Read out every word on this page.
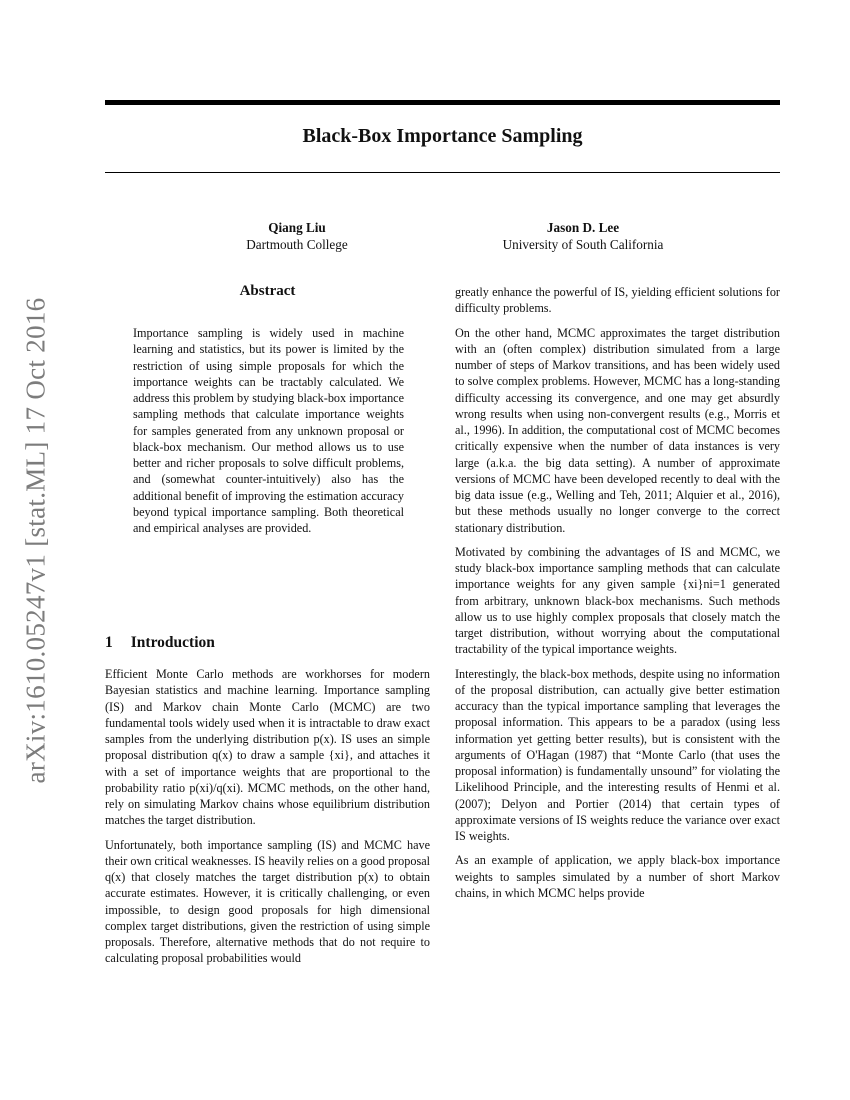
Black-Box Importance Sampling
Qiang Liu
Dartmouth College
Jason D. Lee
University of South California
arXiv:1610.05247v1 [stat.ML] 17 Oct 2016
Abstract

Importance sampling is widely used in machine learning and statistics, but its power is limited by the restriction of using simple proposals for which the importance weights can be tractably calculated. We address this problem by studying black-box importance sampling methods that calculate importance weights for samples generated from any unknown proposal or black-box mechanism. Our method allows us to use better and richer proposals to solve difficult problems, and (somewhat counter-intuitively) also has the additional benefit of improving the estimation accuracy beyond typical importance sampling. Both theoretical and empirical analyses are provided.

1 Introduction

Efficient Monte Carlo methods are workhorses for modern Bayesian statistics and machine learning. Importance sampling (IS) and Markov chain Monte Carlo (MCMC) are two fundamental tools widely used when it is intractable to draw exact samples from the underlying distribution p(x). IS uses an simple proposal distribution q(x) to draw a sample {xi}, and attaches it with a set of importance weights that are proportional to the probability ratio p(xi)/q(xi). MCMC methods, on the other hand, rely on simulating Markov chains whose equilibrium distribution matches the target distribution.

Unfortunately, both importance sampling (IS) and MCMC have their own critical weaknesses. IS heavily relies on a good proposal q(x) that closely matches the target distribution p(x) to obtain accurate estimates. However, it is critically challenging, or even impossible, to design good proposals for high dimensional complex target distributions, given the restriction of using simple proposals. Therefore, alternative methods that do not require to calculating proposal probabilities would

greatly enhance the powerful of IS, yielding efficient solutions for difficulty problems.

On the other hand, MCMC approximates the target distribution with an (often complex) distribution simulated from a large number of steps of Markov transitions, and has been widely used to solve complex problems. However, MCMC has a long-standing difficulty accessing its convergence, and one may get absurdly wrong results when using non-convergent results (e.g., Morris et al., 1996). In addition, the computational cost of MCMC becomes critically expensive when the number of data instances is very large (a.k.a. the big data setting). A number of approximate versions of MCMC have been developed recently to deal with the big data issue (e.g., Welling and Teh, 2011; Alquier et al., 2016), but these methods usually no longer converge to the correct stationary distribution.

Motivated by combining the advantages of IS and MCMC, we study black-box importance sampling methods that can calculate importance weights for any given sample {xi}ni=1 generated from arbitrary, unknown black-box mechanisms. Such methods allow us to use highly complex proposals that closely match the target distribution, without worrying about the computational tractability of the typical importance weights.

Interestingly, the black-box methods, despite using no information of the proposal distribution, can actually give better estimation accuracy than the typical importance sampling that leverages the proposal information. This appears to be a paradox (using less information yet getting better results), but is consistent with the arguments of O'Hagan (1987) that “Monte Carlo (that uses the proposal information) is fundamentally unsound” for violating the Likelihood Principle, and the interesting results of Henmi et al. (2007); Delyon and Portier (2014) that certain types of approximate versions of IS weights reduce the variance over exact IS weights.

As an example of application, we apply black-box importance weights to samples simulated by a number of short Markov chains, in which MCMC helps provide
